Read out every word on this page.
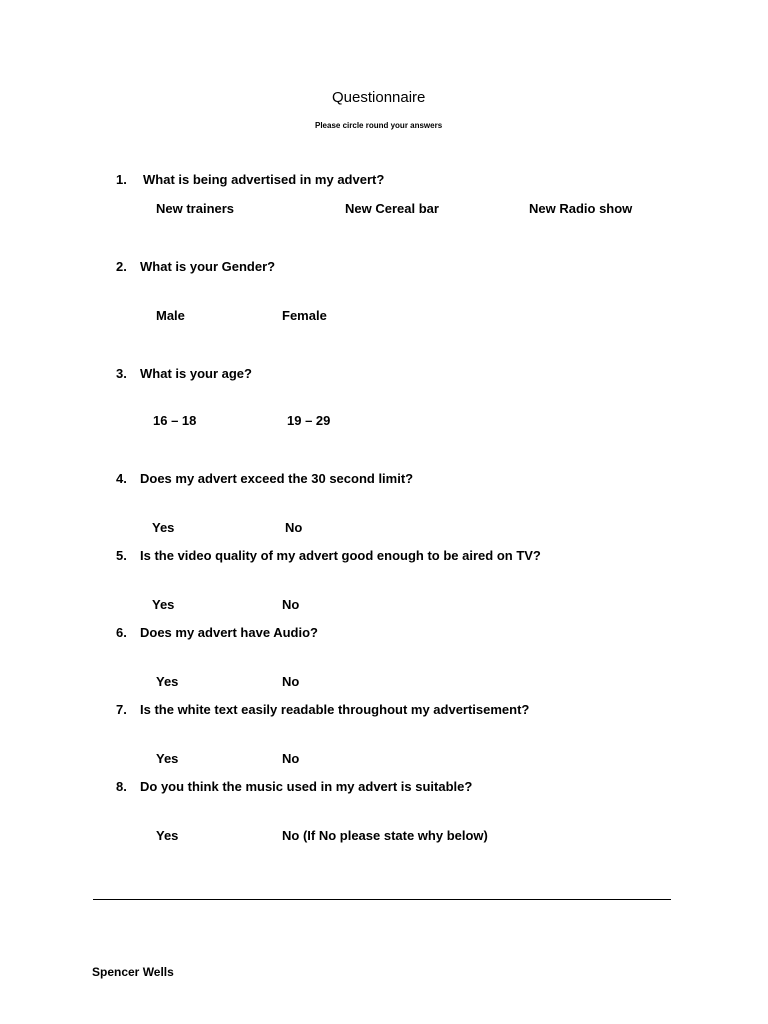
Questionnaire
Please circle round your answers
1. What is being advertised in my advert?
New trainers	New Cereal bar	New Radio show
2. What is your Gender?
Male	Female
3. What is your age?
16 – 18	19 – 29
4. Does my advert exceed the 30 second limit?
Yes	No
5. Is the video quality of my advert good enough to be aired on TV?
Yes	No
6. Does my advert have Audio?
Yes	No
7. Is the white text easily readable throughout my advertisement?
Yes	No
8. Do you think the music used in my advert is suitable?
Yes	No (If No please state why below)
Spencer Wells
